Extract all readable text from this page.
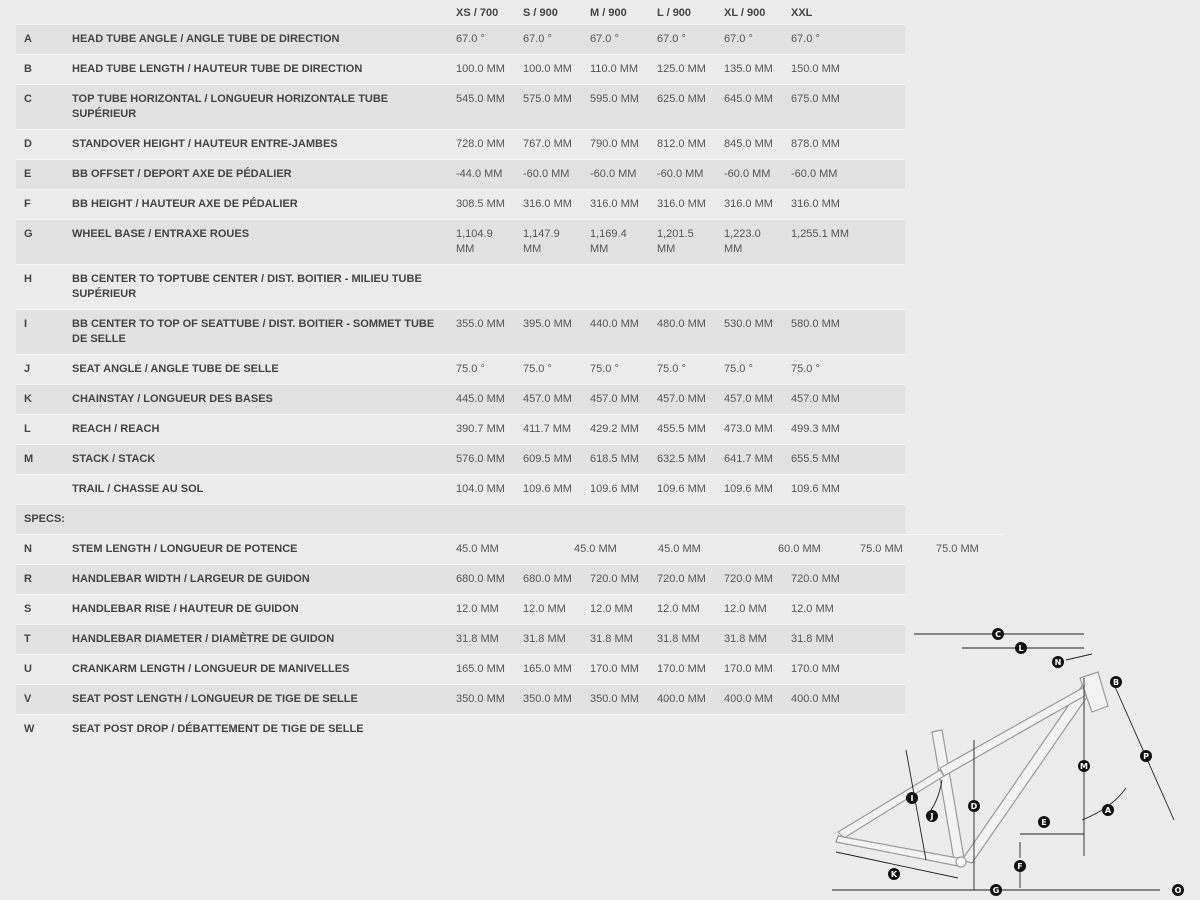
		XS / 700	S / 900	M / 900	L / 900	XL / 900	XXL
A	HEAD TUBE ANGLE / ANGLE TUBE DE DIRECTION	67.0 °	67.0 °	67.0 °	67.0 °	67.0 °	67.0 °
B	HEAD TUBE LENGTH / HAUTEUR TUBE DE DIRECTION	100.0 MM	100.0 MM	110.0 MM	125.0 MM	135.0 MM	150.0 MM
C	TOP TUBE HORIZONTAL / LONGUEUR HORIZONTALE TUBE SUPÉRIEUR	545.0 MM	575.0 MM	595.0 MM	625.0 MM	645.0 MM	675.0 MM
D	STANDOVER HEIGHT / HAUTEUR ENTRE-JAMBES	728.0 MM	767.0 MM	790.0 MM	812.0 MM	845.0 MM	878.0 MM
E	BB OFFSET / DEPORT AXE DE PÉDALIER	-44.0 MM	-60.0 MM	-60.0 MM	-60.0 MM	-60.0 MM	-60.0 MM
F	BB HEIGHT / HAUTEUR AXE DE PÉDALIER	308.5 MM	316.0 MM	316.0 MM	316.0 MM	316.0 MM	316.0 MM
G	WHEEL BASE / ENTRAXE ROUES	1,104.9 MM	1,147.9 MM	1,169.4 MM	1,201.5 MM	1,223.0 MM	1,255.1 MM
H	BB CENTER TO TOPTUBE CENTER / DIST. BOITIER - MILIEU TUBE SUPÉRIEUR						
I	BB CENTER TO TOP OF SEATTUBE / DIST. BOITIER - SOMMET TUBE DE SELLE	355.0 MM	395.0 MM	440.0 MM	480.0 MM	530.0 MM	580.0 MM
J	SEAT ANGLE / ANGLE TUBE DE SELLE	75.0 °	75.0 °	75.0 °	75.0 °	75.0 °	75.0 °
K	CHAINSTAY / LONGUEUR DES BASES	445.0 MM	457.0 MM	457.0 MM	457.0 MM	457.0 MM	457.0 MM
L	REACH / REACH	390.7 MM	411.7 MM	429.2 MM	455.5 MM	473.0 MM	499.3 MM
M	STACK / STACK	576.0 MM	609.5 MM	618.5 MM	632.5 MM	641.7 MM	655.5 MM
	TRAIL / CHASSE AU SOL	104.0 MM	109.6 MM	109.6 MM	109.6 MM	109.6 MM	109.6 MM
SPECS:							
N	STEM LENGTH / LONGUEUR DE POTENCE	45.0 MM	45.0 MM	45.0 MM	60.0 MM	75.0 MM	75.0 MM
R	HANDLEBAR WIDTH / LARGEUR DE GUIDON	680.0 MM	680.0 MM	720.0 MM	720.0 MM	720.0 MM	720.0 MM
S	HANDLEBAR RISE / HAUTEUR DE GUIDON	12.0 MM	12.0 MM	12.0 MM	12.0 MM	12.0 MM	12.0 MM
T	HANDLEBAR DIAMETER / DIAMÈTRE DE GUIDON	31.8 MM	31.8 MM	31.8 MM	31.8 MM	31.8 MM	31.8 MM
U	CRANKARM LENGTH / LONGUEUR DE MANIVELLES	165.0 MM	165.0 MM	170.0 MM	170.0 MM	170.0 MM	170.0 MM
V	SEAT POST LENGTH / LONGUEUR DE TIGE DE SELLE	350.0 MM	350.0 MM	350.0 MM	400.0 MM	400.0 MM	400.0 MM
W	SEAT POST DROP / DÉBATTEMENT DE TIGE DE SELLE						
C
L
N
B
M
P
A
I
J
D
E
F
K
G	O
